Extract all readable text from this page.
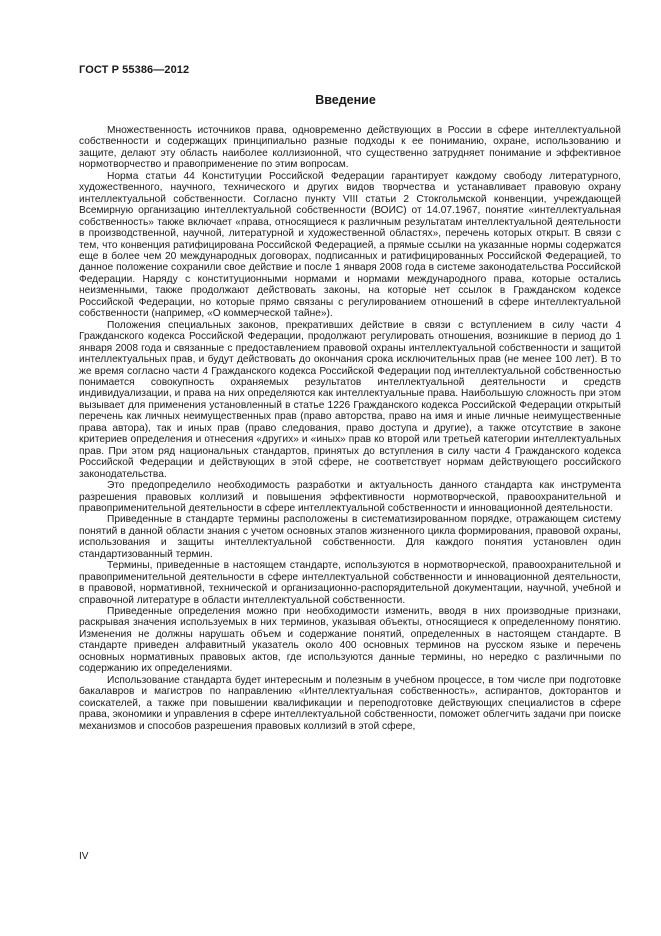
ГОСТ Р 55386—2012
Введение

Множественность источников права, одновременно действующих в России в сфере интеллектуальной собственности и содержащих принципиально разные подходы к ее пониманию, охране, использованию и защите, делают эту область наиболее коллизионной, что существенно затрудняет понимание и эффективное нормотворчество и правоприменение по этим вопросам.

Норма статьи 44 Конституции Российской Федерации гарантирует каждому свободу литературного, художественного, научного, технического и других видов творчества и устанавливает правовую охрану интеллектуальной собственности. Согласно пункту VIII статьи 2 Стокгольмской конвенции, учреждающей Всемирную организацию интеллектуальной собственности (ВОИС) от 14.07.1967, понятие «интеллектуальная собственность» также включает «права, относящиеся к различным результатам интеллектуальной деятельности в производственной, научной, литературной и художественной областях», перечень которых открыт. В связи с тем, что конвенция ратифицирована Российской Федерацией, а прямые ссылки на указанные нормы содержатся еще в более чем 20 международных договорах, подписанных и ратифицированных Российской Федерацией, то данное положение сохранили свое действие и после 1 января 2008 года в системе законодательства Российской Федерации. Наряду с конституционными нормами и нормами международного права, которые остались неизменными, также продолжают действовать законы, на которые нет ссылок в Гражданском кодексе Российской Федерации, но которые прямо связаны с регулированием отношений в сфере интеллектуальной собственности (например, «О коммерческой тайне»).

Положения специальных законов, прекративших действие в связи с вступлением в силу части 4 Гражданского кодекса Российской Федерации, продолжают регулировать отношения, возникшие в период до 1 января 2008 года и связанные с предоставлением правовой охраны интеллектуальной собственности и защитой интеллектуальных прав, и будут действовать до окончания срока исключительных прав (не менее 100 лет). В то же время согласно части 4 Гражданского кодекса Российской Федерации под интеллектуальной собственностью понимается совокупность охраняемых результатов интеллектуальной деятельности и средств индивидуализации, и права на них определяются как интеллектуальные права. Наибольшую сложность при этом вызывает для применения установленный в статье 1226 Гражданского кодекса Российской Федерации открытый перечень как личных неимущественных прав (право авторства, право на имя и иные личные неимущественные права автора), так и иных прав (право следования, право доступа и другие), а также отсутствие в законе критериев определения и отнесения «других» и «иных» прав ко второй или третьей категории интеллектуальных прав. При этом ряд национальных стандартов, принятых до вступления в силу части 4 Гражданского кодекса Российской Федерации и действующих в этой сфере, не соответствует нормам действующего российского законодательства.

Это предопределило необходимость разработки и актуальность данного стандарта как инструмента разрешения правовых коллизий и повышения эффективности нормотворческой, правоохранительной и правоприменительной деятельности в сфере интеллектуальной собственности и инновационной деятельности.

Приведенные в стандарте термины расположены в систематизированном порядке, отражающем систему понятий в данной области знания с учетом основных этапов жизненного цикла формирования, правовой охраны, использования и защиты интеллектуальной собственности. Для каждого понятия установлен один стандартизованный термин.

Термины, приведенные в настоящем стандарте, используются в нормотворческой, правоохранительной и правоприменительной деятельности в сфере интеллектуальной собственности и инновационной деятельности, в правовой, нормативной, технической и организационно-распорядительной документации, научной, учебной и справочной литературе в области интеллектуальной собственности.

Приведенные определения можно при необходимости изменить, вводя в них производные признаки, раскрывая значения используемых в них терминов, указывая объекты, относящиеся к определенному понятию. Изменения не должны нарушать объем и содержание понятий, определенных в настоящем стандарте. В стандарте приведен алфавитный указатель около 400 основных терминов на русском языке и перечень основных нормативных правовых актов, где используются данные термины, но нередко с различными по содержанию их определениями.

Использование стандарта будет интересным и полезным в учебном процессе, в том числе при подготовке бакалавров и магистров по направлению «Интеллектуальная собственность», аспирантов, докторантов и соискателей, а также при повышении квалификации и переподготовке действующих специалистов в сфере права, экономики и управления в сфере интеллектуальной собственности, поможет облегчить задачи при поиске механизмов и способов разрешения правовых коллизий в этой сфере,

IV
